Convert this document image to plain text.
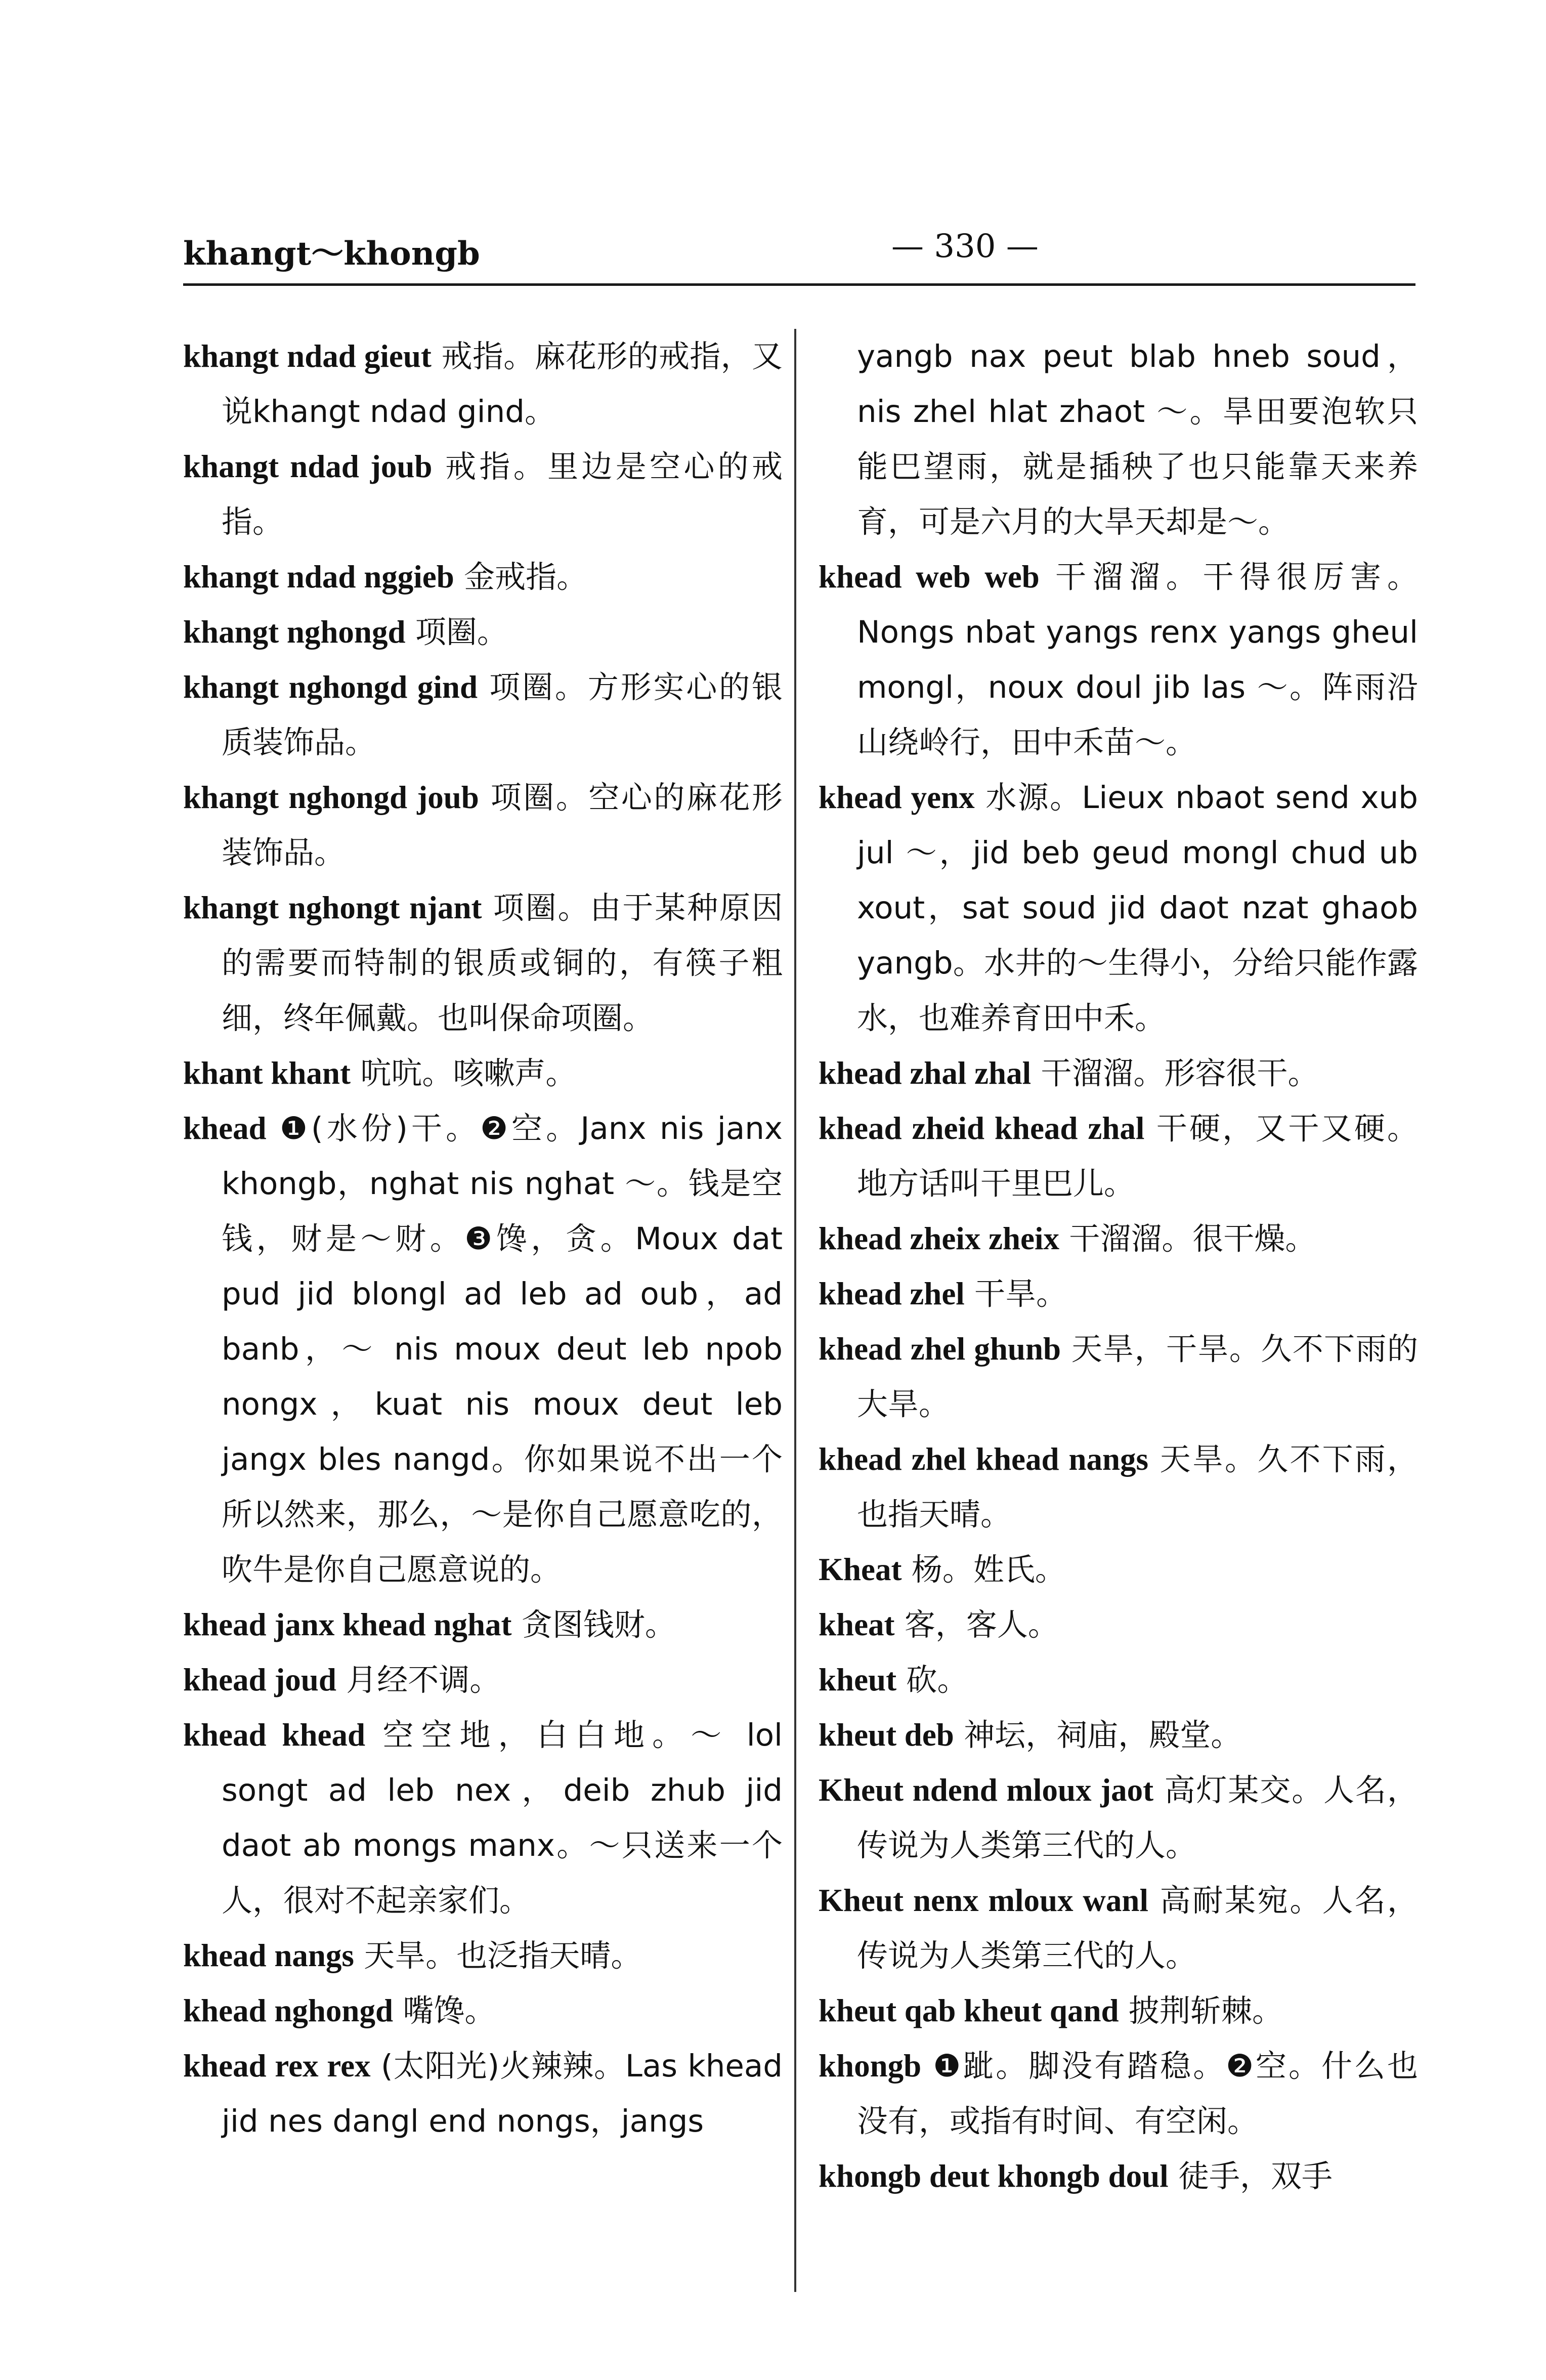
khangt～khongb	— 330 —

khangt ndad gieut 戒指。麻花形的戒指，又说khangt ndad gind。

khangt ndad joub 戒指。里边是空心的戒指。

khangt ndad nggieb 金戒指。

khangt nghongd 项圈。

khangt nghongd gind 项圈。方形实心的银质装饰品。

khangt nghongd joub 项圈。空心的麻花形装饰品。

khangt nghongt njant 项圈。由于某种原因的需要而特制的银质或铜的，有筷子粗细，终年佩戴。也叫保命项圈。

khant khant 吭吭。咳嗽声。

khead ❶(水份)干。❷空。Janx nis janx khongb，nghat nis nghat ～。钱是空钱，财是～财。❸馋，贪。Moux dat pud jid blongl ad leb ad oub，ad banb，～ nis moux deut leb npob nongx，kuat nis moux deut leb jangx bles nangd。你如果说不出一个所以然来，那么，～是你自己愿意吃的，吹牛是你自己愿意说的。

khead janx khead nghat 贪图钱财。

khead joud 月经不调。

khead khead 空空地，白白地。～ lol songt ad leb nex，deib zhub jid daot ab mongs manx。～只送来一个人，很对不起亲家们。

khead nangs 天旱。也泛指天晴。

khead nghongd 嘴馋。

khead rex rex (太阳光)火辣辣。Las khead jid nes dangl end nongs，jangs

yangb nax peut blab hneb soud，nis zhel hlat zhaot ～。旱田要泡软只能巴望雨，就是插秧了也只能靠天来养育，可是六月的大旱天却是～。

khead web web 干溜溜。干得很厉害。Nongs nbat yangs renx yangs gheul mongl，noux doul jib las ～。阵雨沿山绕岭行，田中禾苗～。

khead yenx 水源。Lieux nbaot send xub jul ～，jid beb geud mongl chud ub xout，sat soud jid daot nzat ghaob yangb。水井的～生得小，分给只能作露水，也难养育田中禾。

khead zhal zhal 干溜溜。形容很干。

khead zheid khead zhal 干硬，又干又硬。地方话叫干里巴儿。

khead zheix zheix 干溜溜。很干燥。

khead zhel 干旱。

khead zhel ghunb 天旱，干旱。久不下雨的大旱。

khead zhel khead nangs 天旱。久不下雨，也指天晴。

Kheat 杨。姓氏。

kheat 客，客人。

kheut 砍。

kheut deb 神坛，祠庙，殿堂。

Kheut ndend mloux jaot 高灯某交。人名，传说为人类第三代的人。

Kheut nenx mloux wanl 高耐某宛。人名，传说为人类第三代的人。

kheut qab kheut qand 披荆斩棘。

khongb ❶跐。脚没有踏稳。❷空。什么也没有，或指有时间、有空闲。

khongb deut khongb doul 徒手，双手
